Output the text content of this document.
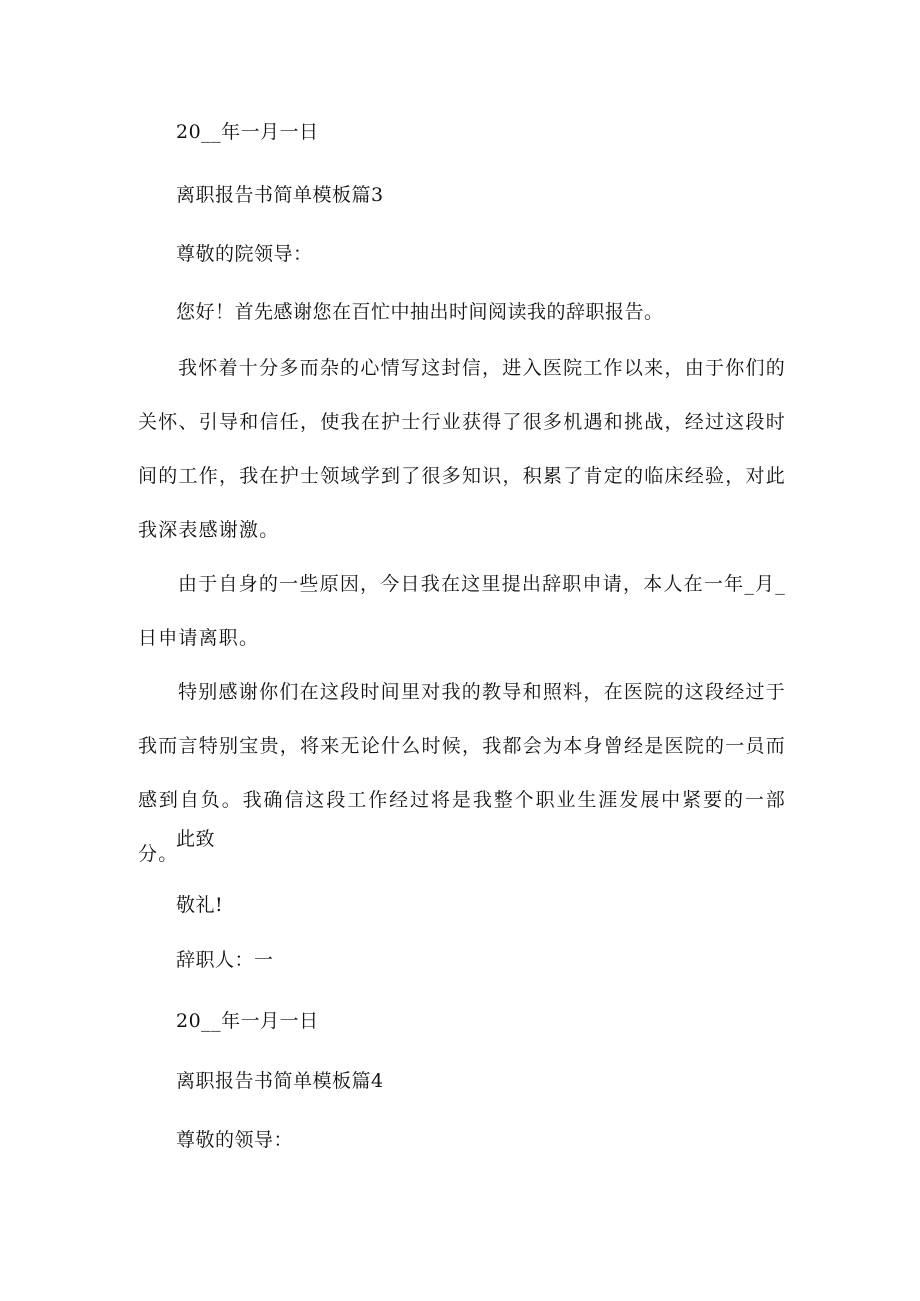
20__年一月一日
离职报告书简单模板篇3
尊敬的院领导：
您好！首先感谢您在百忙中抽出时间阅读我的辞职报告。
我怀着十分多而杂的心情写这封信，进入医院工作以来，由于你们的关怀、引导和信任，使我在护士行业获得了很多机遇和挑战，经过这段时间的工作，我在护士领域学到了很多知识，积累了肯定的临床经验，对此我深表感谢激。
由于自身的一些原因，今日我在这里提出辞职申请，本人在一年_月_日申请离职。
特别感谢你们在这段时间里对我的教导和照料，在医院的这段经过于我而言特别宝贵，将来无论什么时候，我都会为本身曾经是医院的一员而感到自负。我确信这段工作经过将是我整个职业生涯发展中紧要的一部分。
此致
敬礼!
辞职人：一
20__年一月一日
离职报告书简单模板篇4
尊敬的领导：
